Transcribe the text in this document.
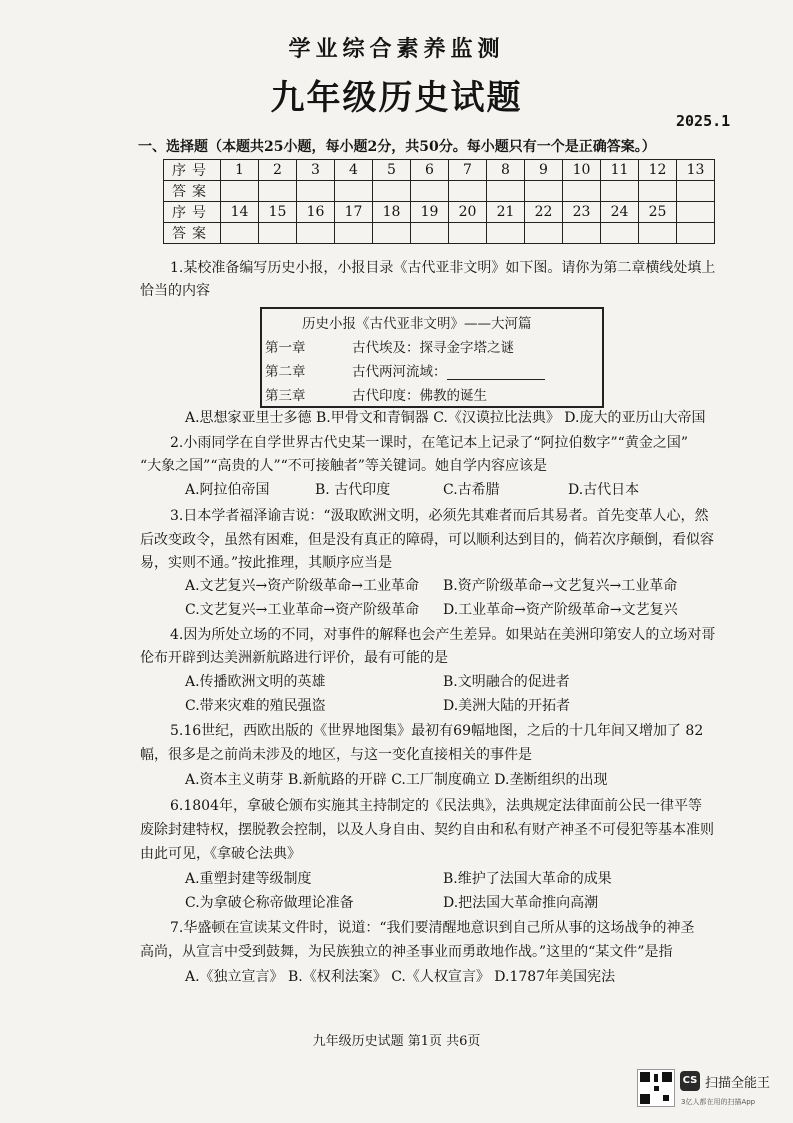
学业综合素养监测
九年级历史试题
2025.1
一、选择题（本题共25小题，每小题2分，共50分。每小题只有一个是正确答案。）
序号	1	2	3	4	5	6	7	8	9	10	11	12	13
答案													
序号	14	15	16	17	18	19	20	21	22	23	24	25	
答案													
1.某校准备编写历史小报，小报目录《古代亚非文明》如下图。请你为第二章横线处填上
恰当的内容
历史小报《古代亚非文明》——大河篇
第一章	古代埃及：探寻金字塔之谜
第二章	古代两河流域：
第三章	古代印度：佛教的诞生
A.思想家亚里士多德 B.甲骨文和青铜器 C.《汉谟拉比法典》 D.庞大的亚历山大帝国
2.小雨同学在自学世界古代史某一课时，在笔记本上记录了“阿拉伯数字”“黄金之国”
“大象之国”“高贵的人”“不可接触者”等关键词。她自学内容应该是
A.阿拉伯帝国	B. 古代印度	C.古希腊	D.古代日本
3.日本学者福泽谕吉说：“汲取欧洲文明，必须先其难者而后其易者。首先变革人心，然
后改变政令，虽然有困难，但是没有真正的障碍，可以顺利达到目的，倘若次序颠倒，看似容
易，实则不通。”按此推理，其顺序应当是
A.文艺复兴→资产阶级革命→工业革命 B.资产阶级革命→文艺复兴→工业革命
C.文艺复兴→工业革命→资产阶级革命 D.工业革命→资产阶级革命→文艺复兴
4.因为所处立场的不同，对事件的解释也会产生差异。如果站在美洲印第安人的立场对哥
伦布开辟到达美洲新航路进行评价，最有可能的是
A.传播欧洲文明的英雄	B.文明融合的促进者
C.带来灾难的殖民强盗	D.美洲大陆的开拓者
5.16世纪，西欧出版的《世界地图集》最初有69幅地图，之后的十几年间又增加了 82
幅，很多是之前尚未涉及的地区，与这一变化直接相关的事件是
A.资本主义萌芽 B.新航路的开辟 C.工厂制度确立 D.垄断组织的出现
6.1804年，拿破仑颁布实施其主持制定的《民法典》，法典规定法律面前公民一律平等
废除封建特权，摆脱教会控制，以及人身自由、契约自由和私有财产神圣不可侵犯等基本准则
由此可见，《拿破仑法典》
A.重塑封建等级制度	B.维护了法国大革命的成果
C.为拿破仑称帝做理论准备	D.把法国大革命推向高潮
7.华盛顿在宣读某文件时，说道：“我们要清醒地意识到自己所从事的这场战争的神圣
高尚，从宣言中受到鼓舞，为民族独立的神圣事业而勇敢地作战。”这里的“某文件”是指
A.《独立宣言》 B.《权利法案》 C.《人权宣言》 D.1787年美国宪法
九年级历史试题 第1页 共6页
CS 扫描全能王
3亿人都在用的扫描App
